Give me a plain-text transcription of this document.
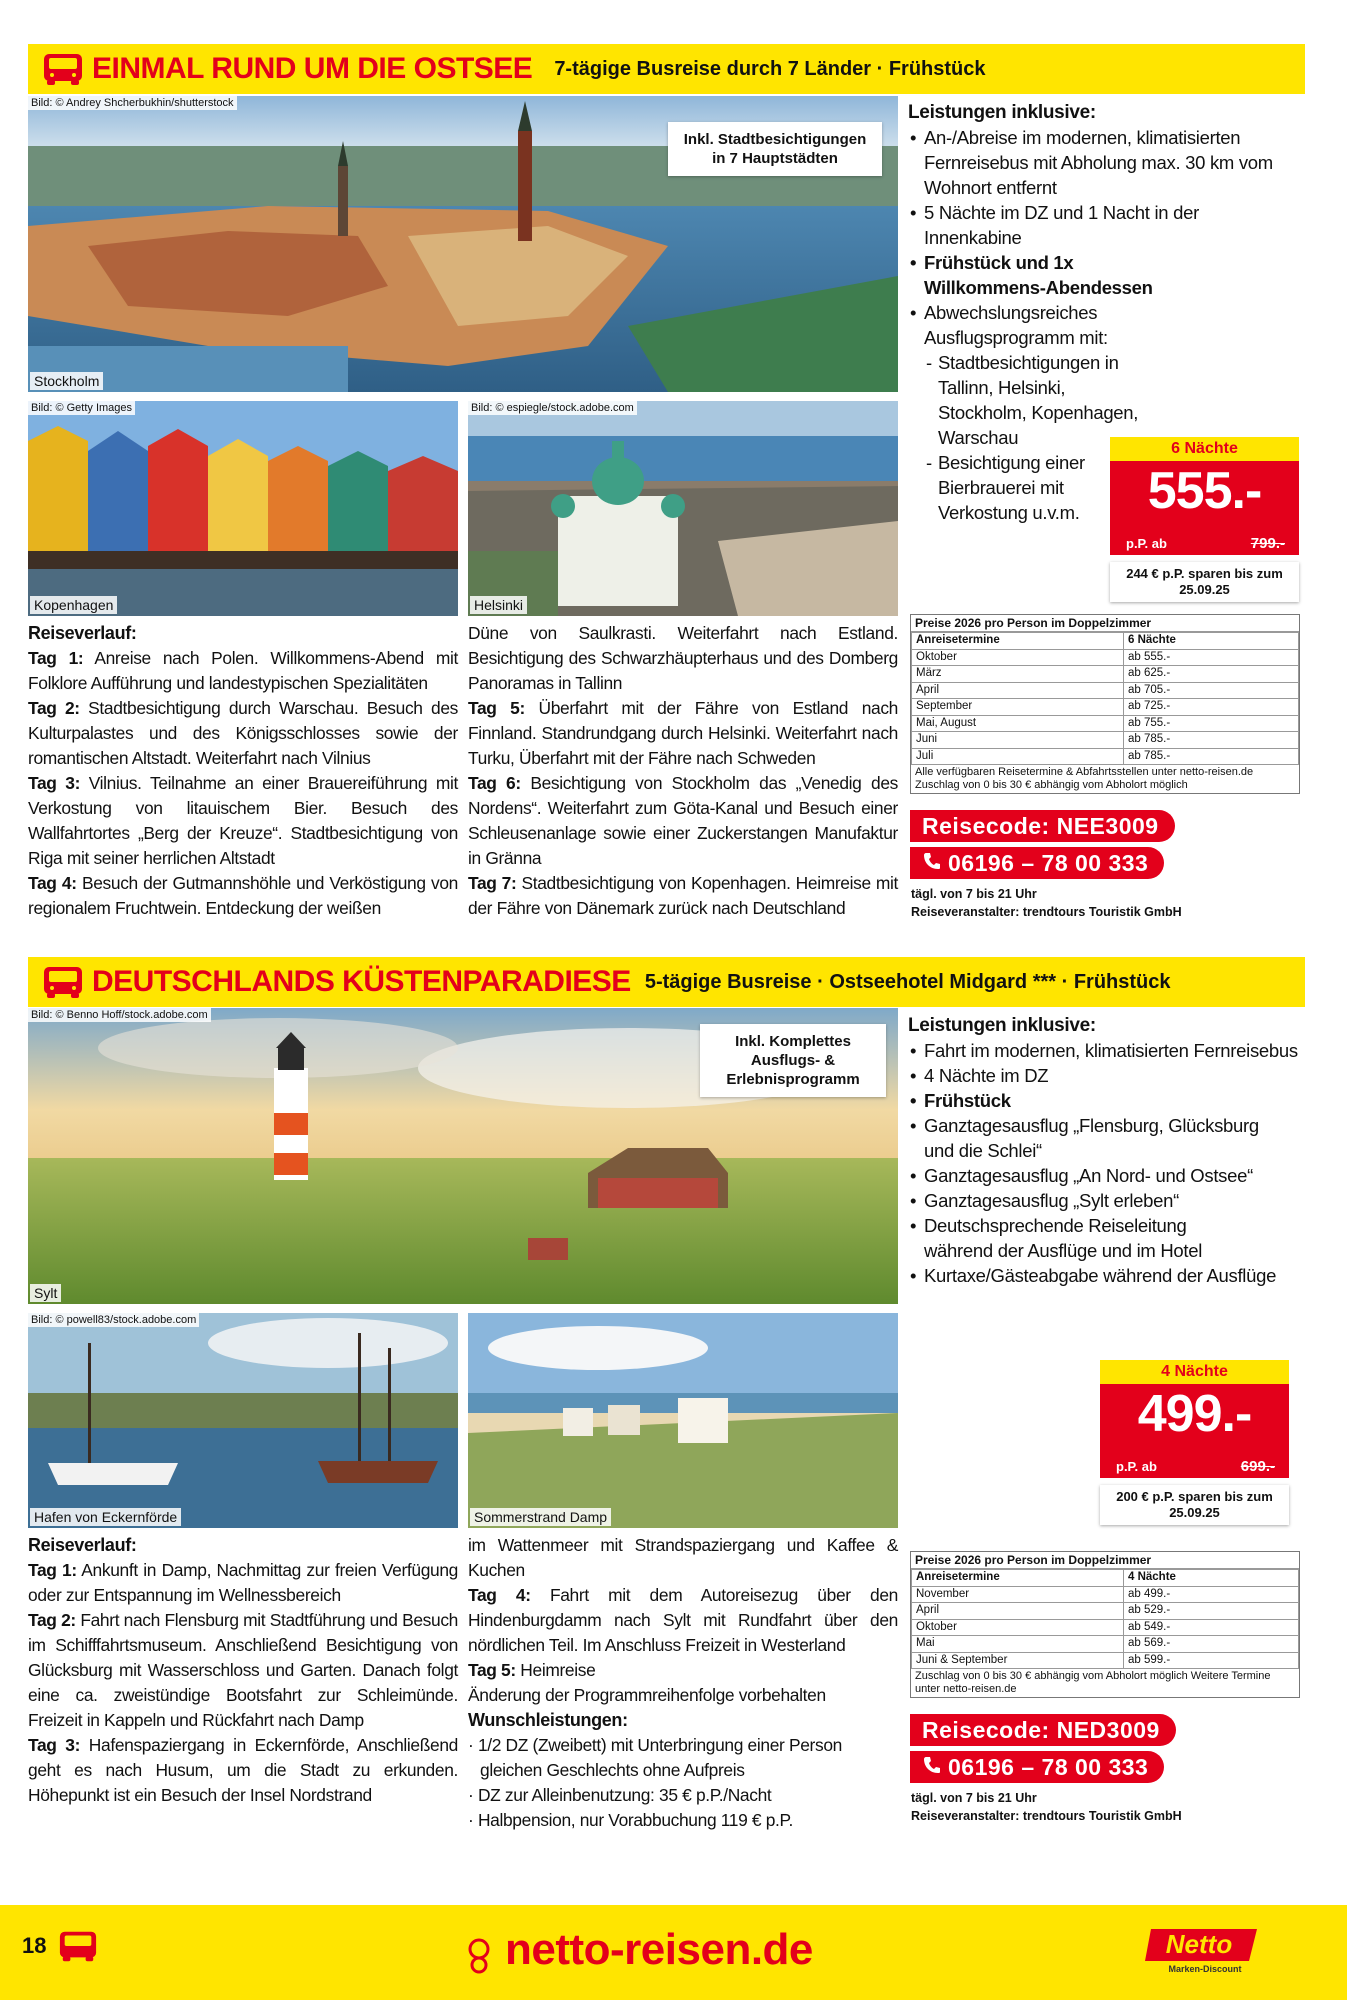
EINMAL RUND UM DIE OSTSEE 7-tägige Busreise durch 7 Länder · Frühstück
Bild: © Andrey Shcherbukhin/shutterstock
Stockholm
Inkl. Stadtbesichtigungen in 7 Hauptstädten
Bild: © Getty Images
Kopenhagen
Bild: © espiegle/stock.adobe.com
Helsinki

Reiseverlauf:

Tag 1: Anreise nach Polen. Willkommens-Abend mit Folklore Aufführung und landestypischen Spezialitäten

Tag 2: Stadtbesichtigung durch Warschau. Besuch des Kulturpalastes und des Königsschlosses sowie der romantischen Altstadt. Weiterfahrt nach Vilnius

Tag 3: Vilnius. Teilnahme an einer Brauereiführung mit Verkostung von litauischem Bier. Besuch des Wallfahrtortes „Berg der Kreuze“. Stadtbesichtigung von Riga mit seiner herrlichen Altstadt

Tag 4: Besuch der Gutmannshöhle und Verköstigung von regionalem Fruchtwein. Entdeckung der weißen

Düne von Saulkrasti. Weiterfahrt nach Estland. Besichtigung des Schwarzhäupterhaus und des Domberg Panoramas in Tallinn

Tag 5: Überfahrt mit der Fähre von Estland nach Finnland. Standrundgang durch Helsinki. Weiterfahrt nach Turku, Überfahrt mit der Fähre nach Schweden

Tag 6: Besichtigung von Stockholm das „Venedig des Nordens“. Weiterfahrt zum Göta-Kanal und Besuch einer Schleusenanlage sowie einer Zuckerstangen Manufaktur in Gränna

Tag 7: Stadtbesichtigung von Kopenhagen. Heimreise mit der Fähre von Dänemark zurück nach Deutschland

Leistungen inklusive:
• An-/Abreise im modernen, klimatisierten Fernreisebus mit Abholung max. 30 km vom Wohnort entfernt
• 5 Nächte im DZ und 1 Nacht in der Innenkabine
• Frühstück und 1x Willkommens-Abendessen
• Abwechslungsreiches Ausflugsprogramm mit:
- Stadtbesichtigungen in Tallinn, Helsinki, Stockholm, Kopenhagen, Warschau
- Besichtigung einer Bierbrauerei mit Verkostung u.v.m.
6 Nächte
555.-
p.P. ab	799.-
244 € p.P. sparen bis zum 25.09.25
Preise 2026 pro Person im Doppelzimmer
Anreisetermine	6 Nächte
Oktober	ab 555.-
März	ab 625.-
April	ab 705.-
September	ab 725.-
Mai, August	ab 755.-
Juni	ab 785.-
Juli	ab 785.-
Alle verfügbaren Reisetermine & Abfahrtsstellen unter netto-reisen.de Zuschlag von 0 bis 30 € abhängig vom Abholort möglich
Reisecode: NEE3009
06196 – 78 00 333
tägl. von 7 bis 21 Uhr
Reiseveranstalter: trendtours Touristik GmbH
DEUTSCHLANDS KÜSTENPARADIESE 5-tägige Busreise · Ostseehotel Midgard *** · Frühstück
Bild: © Benno Hoff/stock.adobe.com
Sylt
Inkl. Komplettes Ausflugs- & Erlebnisprogramm
Bild: © powell83/stock.adobe.com
Hafen von Eckernförde	Sommerstrand Damp

Reiseverlauf:

Tag 1: Ankunft in Damp, Nachmittag zur freien Verfügung oder zur Entspannung im Wellnessbereich

Tag 2: Fahrt nach Flensburg mit Stadtführung und Besuch im Schifffahrtsmuseum. Anschließend Besichtigung von Glücksburg mit Wasserschloss und Garten. Danach folgt eine ca. zweistündige Bootsfahrt zur Schleimünde. Freizeit in Kappeln und Rückfahrt nach Damp

Tag 3: Hafenspaziergang in Eckernförde, Anschließend geht es nach Husum, um die Stadt zu erkunden. Höhepunkt ist ein Besuch der Insel Nordstrand

im Wattenmeer mit Strandspaziergang und Kaffee & Kuchen

Tag 4: Fahrt mit dem Autoreisezug über den Hindenburgdamm nach Sylt mit Rundfahrt über den nördlichen Teil. Im Anschluss Freizeit in Westerland

Tag 5: Heimreise

Änderung der Programmreihenfolge vorbehalten

Wunschleistungen:

· 1/2 DZ (Zweibett) mit Unterbringung einer Person gleichen Geschlechts ohne Aufpreis

· DZ zur Alleinbenutzung: 35 € p.P./Nacht

· Halbpension, nur Vorabbuchung 119 € p.P.

Leistungen inklusive:
• Fahrt im modernen, klimatisierten Fernreisebus
• 4 Nächte im DZ
• Frühstück
• Ganztagesausflug „Flensburg, Glücksburg und die Schlei“
• Ganztagesausflug „An Nord- und Ostsee“
• Ganztagesausflug „Sylt erleben“
• Deutschsprechende Reiseleitung während der Ausflüge und im Hotel
• Kurtaxe/Gästeabgabe während der Ausflüge
4 Nächte
499.-
p.P. ab	699.-
200 € p.P. sparen bis zum 25.09.25
Preise 2026 pro Person im Doppelzimmer
Anreisetermine	4 Nächte
November	ab 499.-
April	ab 529.-
Oktober	ab 549.-
Mai	ab 569.-
Juni & September	ab 599.-
Zuschlag von 0 bis 30 € abhängig vom Abholort möglich Weitere Termine unter netto-reisen.de
Reisecode: NED3009
06196 – 78 00 333
tägl. von 7 bis 21 Uhr
Reiseveranstalter: trendtours Touristik GmbH
18	netto-reisen.de	Netto
Marken-Discount
